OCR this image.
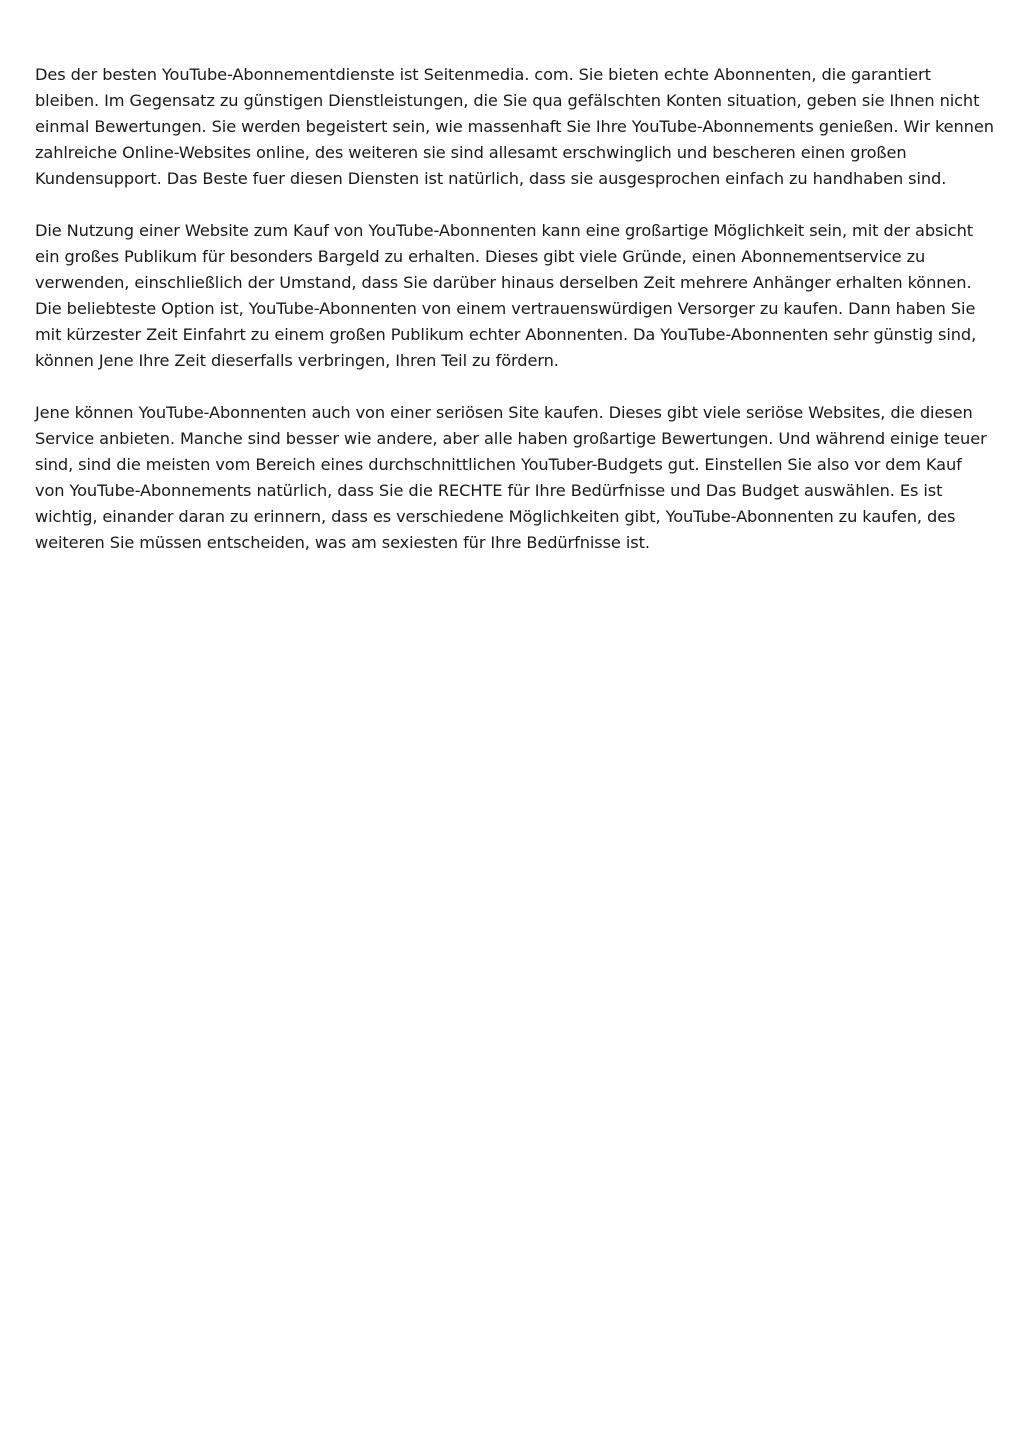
Des der besten YouTube-Abonnementdienste ist Seitenmedia. com. Sie bieten echte Abonnenten, die garantiert bleiben. Im Gegensatz zu günstigen Dienstleistungen, die Sie qua gefälschten Konten situation, geben sie Ihnen nicht einmal Bewertungen. Sie werden begeistert sein, wie massenhaft Sie Ihre YouTube-Abonnements genießen. Wir kennen zahlreiche Online-Websites online, des weiteren sie sind allesamt erschwinglich und bescheren einen großen Kundensupport. Das Beste fuer diesen Diensten ist natürlich, dass sie ausgesprochen einfach zu handhaben sind.

Die Nutzung einer Website zum Kauf von YouTube-Abonnenten kann eine großartige Möglichkeit sein, mit der absicht ein großes Publikum für besonders Bargeld zu erhalten. Dieses gibt viele Gründe, einen Abonnementservice zu verwenden, einschließlich der Umstand, dass Sie darüber hinaus derselben Zeit mehrere Anhänger erhalten können. Die beliebteste Option ist, YouTube-Abonnenten von einem vertrauenswürdigen Versorger zu kaufen. Dann haben Sie mit kürzester Zeit Einfahrt zu einem großen Publikum echter Abonnenten. Da YouTube-Abonnenten sehr günstig sind, können Jene Ihre Zeit dieserfalls verbringen, Ihren Teil zu fördern.

Jene können YouTube-Abonnenten auch von einer seriösen Site kaufen. Dieses gibt viele seriöse Websites, die diesen Service anbieten. Manche sind besser wie andere, aber alle haben großartige Bewertungen. Und während einige teuer sind, sind die meisten vom Bereich eines durchschnittlichen YouTuber-Budgets gut. Einstellen Sie also vor dem Kauf von YouTube-Abonnements natürlich, dass Sie die RECHTE für Ihre Bedürfnisse und Das Budget auswählen. Es ist wichtig, einander daran zu erinnern, dass es verschiedene Möglichkeiten gibt, YouTube-Abonnenten zu kaufen, des weiteren Sie müssen entscheiden, was am sexiesten für Ihre Bedürfnisse ist.
